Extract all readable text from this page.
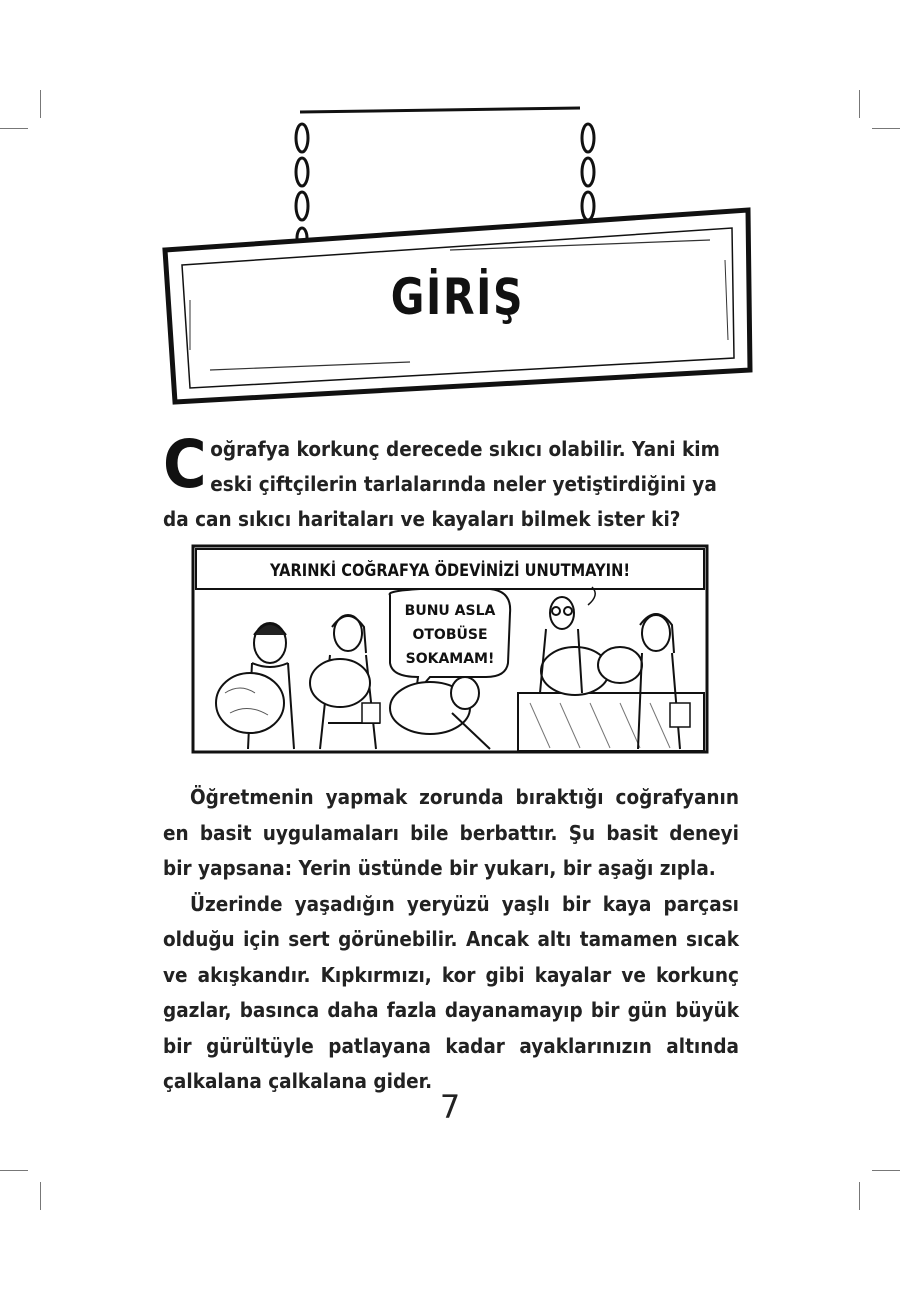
GİRİŞ
Coğrafya korkunç derecede sıkıcı olabilir. Yani kim eski çiftçilerin tarlalarında neler yetiştirdiğini ya da can sıkıcı haritaları ve kayaları bilmek ister ki?
YARINKİ COĞRAFYA ÖDEVİNİZİ UNUTMAYIN!
BUNU ASLA
OTOBÜSE
SOKAMAM!

Öğretmenin yapmak zorunda bıraktığı coğrafyanın en basit uygulamaları bile berbattır. Şu basit deneyi bir yapsana: Yerin üstünde bir yukarı, bir aşağı zıpla.

Üzerinde yaşadığın yeryüzü yaşlı bir kaya parçası olduğu için sert görünebilir. Ancak altı tamamen sıcak ve akışkandır. Kıpkırmızı, kor gibi kayalar ve korkunç gazlar, basınca daha fazla dayanamayıp bir gün büyük bir gürültüyle patlayana kadar ayaklarınızın altında çalkalana çalkalana gider.

7
